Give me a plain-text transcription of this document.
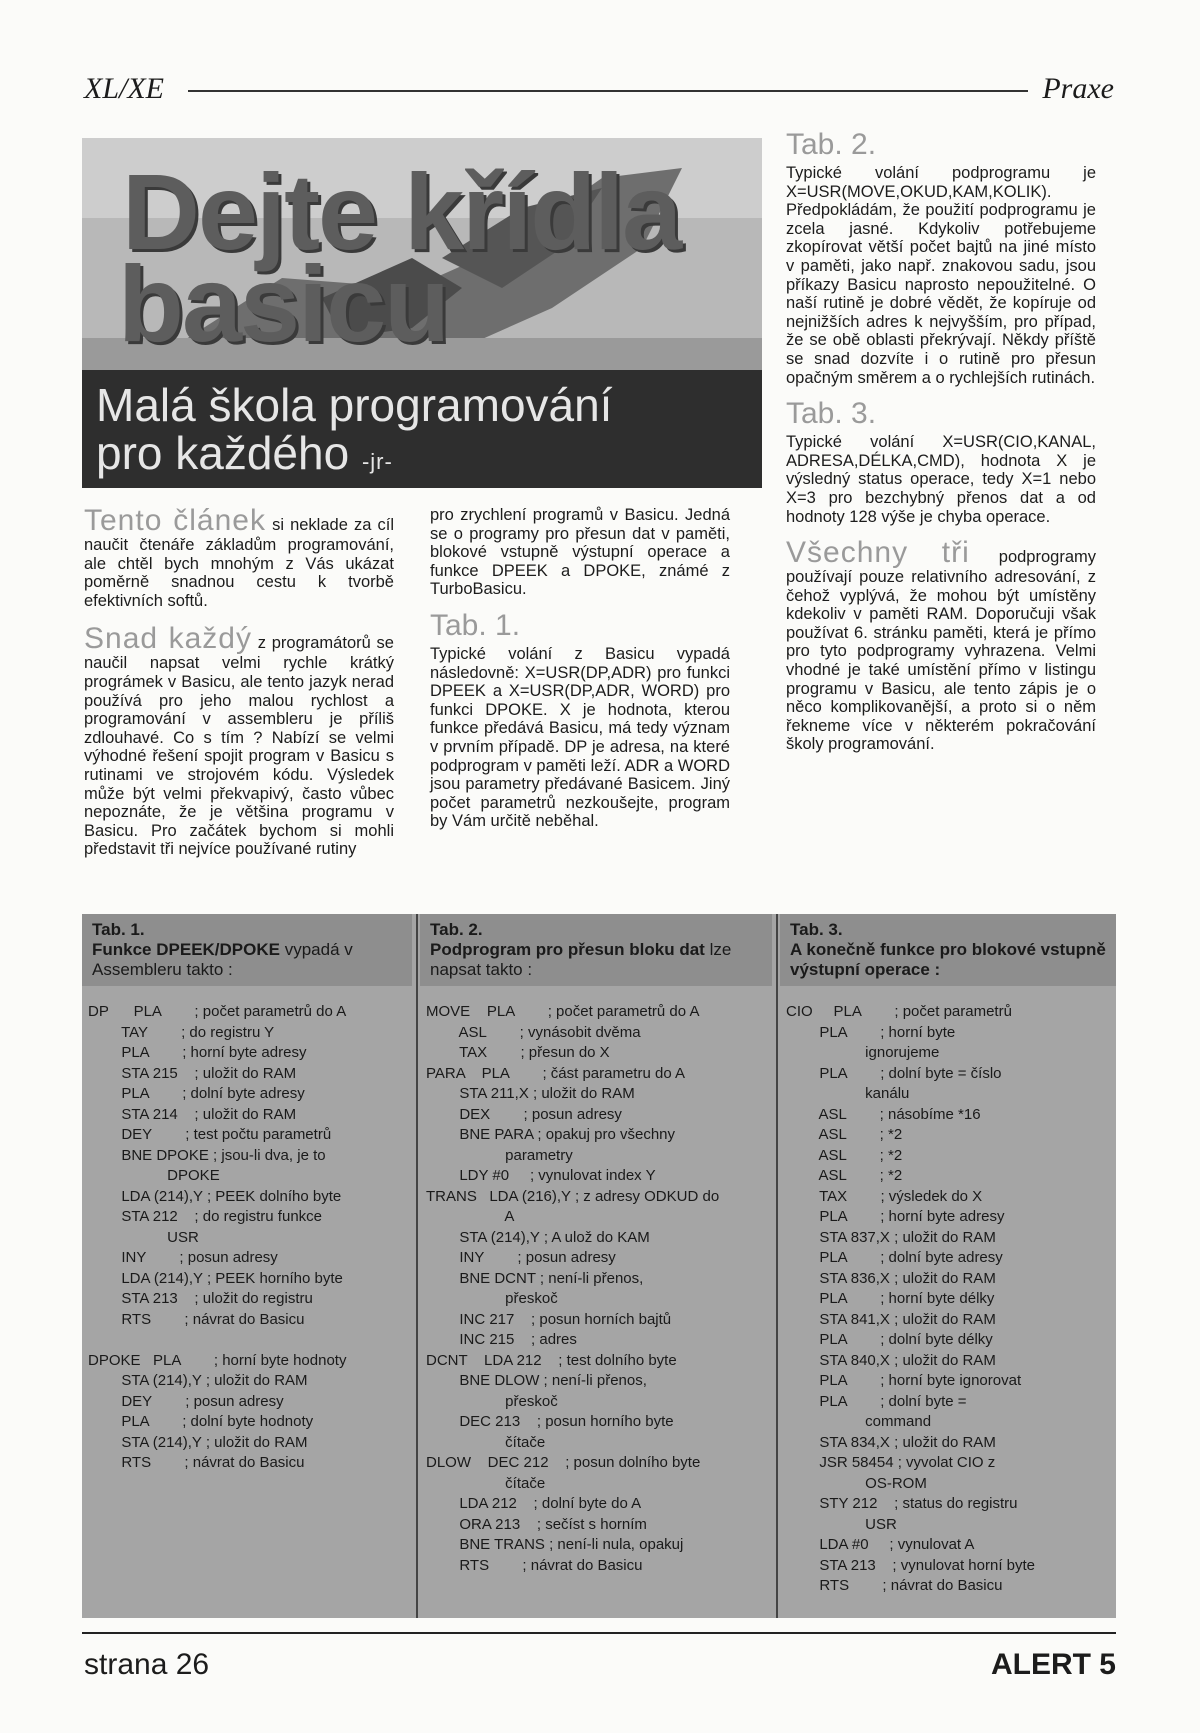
XL/XE	Praxe
Dejte křídla
basicu
Malá škola programování
pro každého -jr-

Tento článek si neklade za cíl naučit čtenáře základům programování, ale chtěl bych mnohým z Vás ukázat poměrně snadnou cestu k tvorbě efektivních softů.

Snad každý z programátorů se naučil napsat velmi rychle krátký prográmek v Basicu, ale tento jazyk nerad používá pro jeho malou rychlost a programování v assembleru je příliš zdlouhavé. Co s tím ? Nabízí se velmi výhodné řešení spojit program v Basicu s rutinami ve strojovém kódu. Výsledek může být velmi překvapivý, často vůbec nepoznáte, že je většina programu v Basicu. Pro začátek bychom si mohli představit tři nejvíce používané rutiny

pro zrychlení programů v Basicu. Jedná se o programy pro přesun dat v paměti, blokové vstupně výstupní operace a funkce DPEEK a DPOKE, známé z TurboBasicu.

Tab. 1.
Typické volání z Basicu vypadá následovně: X=USR(DP,ADR) pro funkci DPEEK a X=USR(DP,ADR, WORD) pro funkci DPOKE. X je hodnota, kterou funkce předává Basicu, má tedy význam v prvním případě. DP je adresa, na které podprogram v paměti leží. ADR a WORD jsou parametry předávané Basicem. Jiný počet parametrů nezkoušejte, program by Vám určitě neběhal.

Tab. 2.
Typické volání podprogramu je X=USR(MOVE,OKUD,KAM,KOLIK). Předpokládám, že použití podprogramu je zcela jasné. Kdykoliv potřebujeme zkopírovat větší počet bajtů na jiné místo v paměti, jako např. znakovou sadu, jsou příkazy Basicu naprosto nepoužitelné. O naší rutině je dobré vědět, že kopíruje od nejnižších adres k nejvyšším, pro případ, že se obě oblasti překrývají. Někdy příště se snad dozvíte i o rutině pro přesun opačným směrem a o rychlejších rutinách.

Tab. 3.
Typické volání X=USR(CIO,KANAL, ADRESA,DÉLKA,CMD), hodnota X je výsledný status operace, tedy X=1 nebo X=3 pro bezchybný přenos dat a od hodnoty 128 výše je chyba operace.

Všechny tři podprogramy používají pouze relativního adresování, z čehož vyplývá, že mohou být umístěny kdekoliv v paměti RAM. Doporučuji však používat 6. stránku paměti, která je přímo pro tyto podprogramy vyhrazena. Velmi vhodné je také umístění přímo v listingu programu v Basicu, ale tento zápis je o něco komplikovanější, a proto si o něm řekneme více v některém pokračování školy programování.

Tab. 1.
Funkce DPEEK/DPOKE vypadá v Assembleru takto :
DP      PLA        ; počet parametrů do A
TAY        ; do registru Y
PLA        ; horní byte adresy
STA 215    ; uložit do RAM
PLA        ; dolní byte adresy
STA 214    ; uložit do RAM
DEY        ; test počtu parametrů
BNE DPOKE ; jsou-li dva, je to
DPOKE
LDA (214),Y ; PEEK dolního byte
STA 212    ; do registru funkce
USR
INY        ; posun adresy
LDA (214),Y ; PEEK horního byte
STA 213    ; uložit do registru
RTS        ; návrat do Basicu

DPOKE   PLA        ; horní byte hodnoty
STA (214),Y ; uložit do RAM
DEY        ; posun adresy
PLA        ; dolní byte hodnoty
STA (214),Y ; uložit do RAM
RTS        ; návrat do Basicu
Tab. 2.
Podprogram pro přesun bloku dat lze napsat takto :
MOVE    PLA        ; počet parametrů do A
ASL        ; vynásobit dvěma
TAX        ; přesun do X
PARA    PLA        ; část parametru do A
STA 211,X ; uložit do RAM
DEX        ; posun adresy
BNE PARA ; opakuj pro všechny
parametry
LDY #0     ; vynulovat index Y
TRANS   LDA (216),Y ; z adresy ODKUD do
A
STA (214),Y ; A ulož do KAM
INY        ; posun adresy
BNE DCNT ; není-li přenos,
přeskoč
INC 217    ; posun horních bajtů
INC 215    ; adres
DCNT    LDA 212    ; test dolního byte
BNE DLOW ; není-li přenos,
přeskoč
DEC 213    ; posun horního byte
čítače
DLOW    DEC 212    ; posun dolního byte
čítače
LDA 212    ; dolní byte do A
ORA 213    ; sečíst s horním
BNE TRANS ; není-li nula, opakuj
RTS        ; návrat do Basicu
Tab. 3.
A konečně funkce pro blokové vstupně výstupní operace :
CIO     PLA        ; počet parametrů
PLA        ; horní byte
ignorujeme
PLA        ; dolní byte = číslo
kanálu
ASL        ; násobíme *16
ASL        ; *2
ASL        ; *2
ASL        ; *2
TAX        ; výsledek do X
PLA        ; horní byte adresy
STA 837,X ; uložit do RAM
PLA        ; dolní byte adresy
STA 836,X ; uložit do RAM
PLA        ; horní byte délky
STA 841,X ; uložit do RAM
PLA        ; dolní byte délky
STA 840,X ; uložit do RAM
PLA        ; horní byte ignorovat
PLA        ; dolní byte =
command
STA 834,X ; uložit do RAM
JSR 58454 ; vyvolat CIO z
OS-ROM
STY 212    ; status do registru
USR
LDA #0     ; vynulovat A
STA 213    ; vynulovat horní byte
RTS        ; návrat do Basicu
strana 26	ALERT 5
